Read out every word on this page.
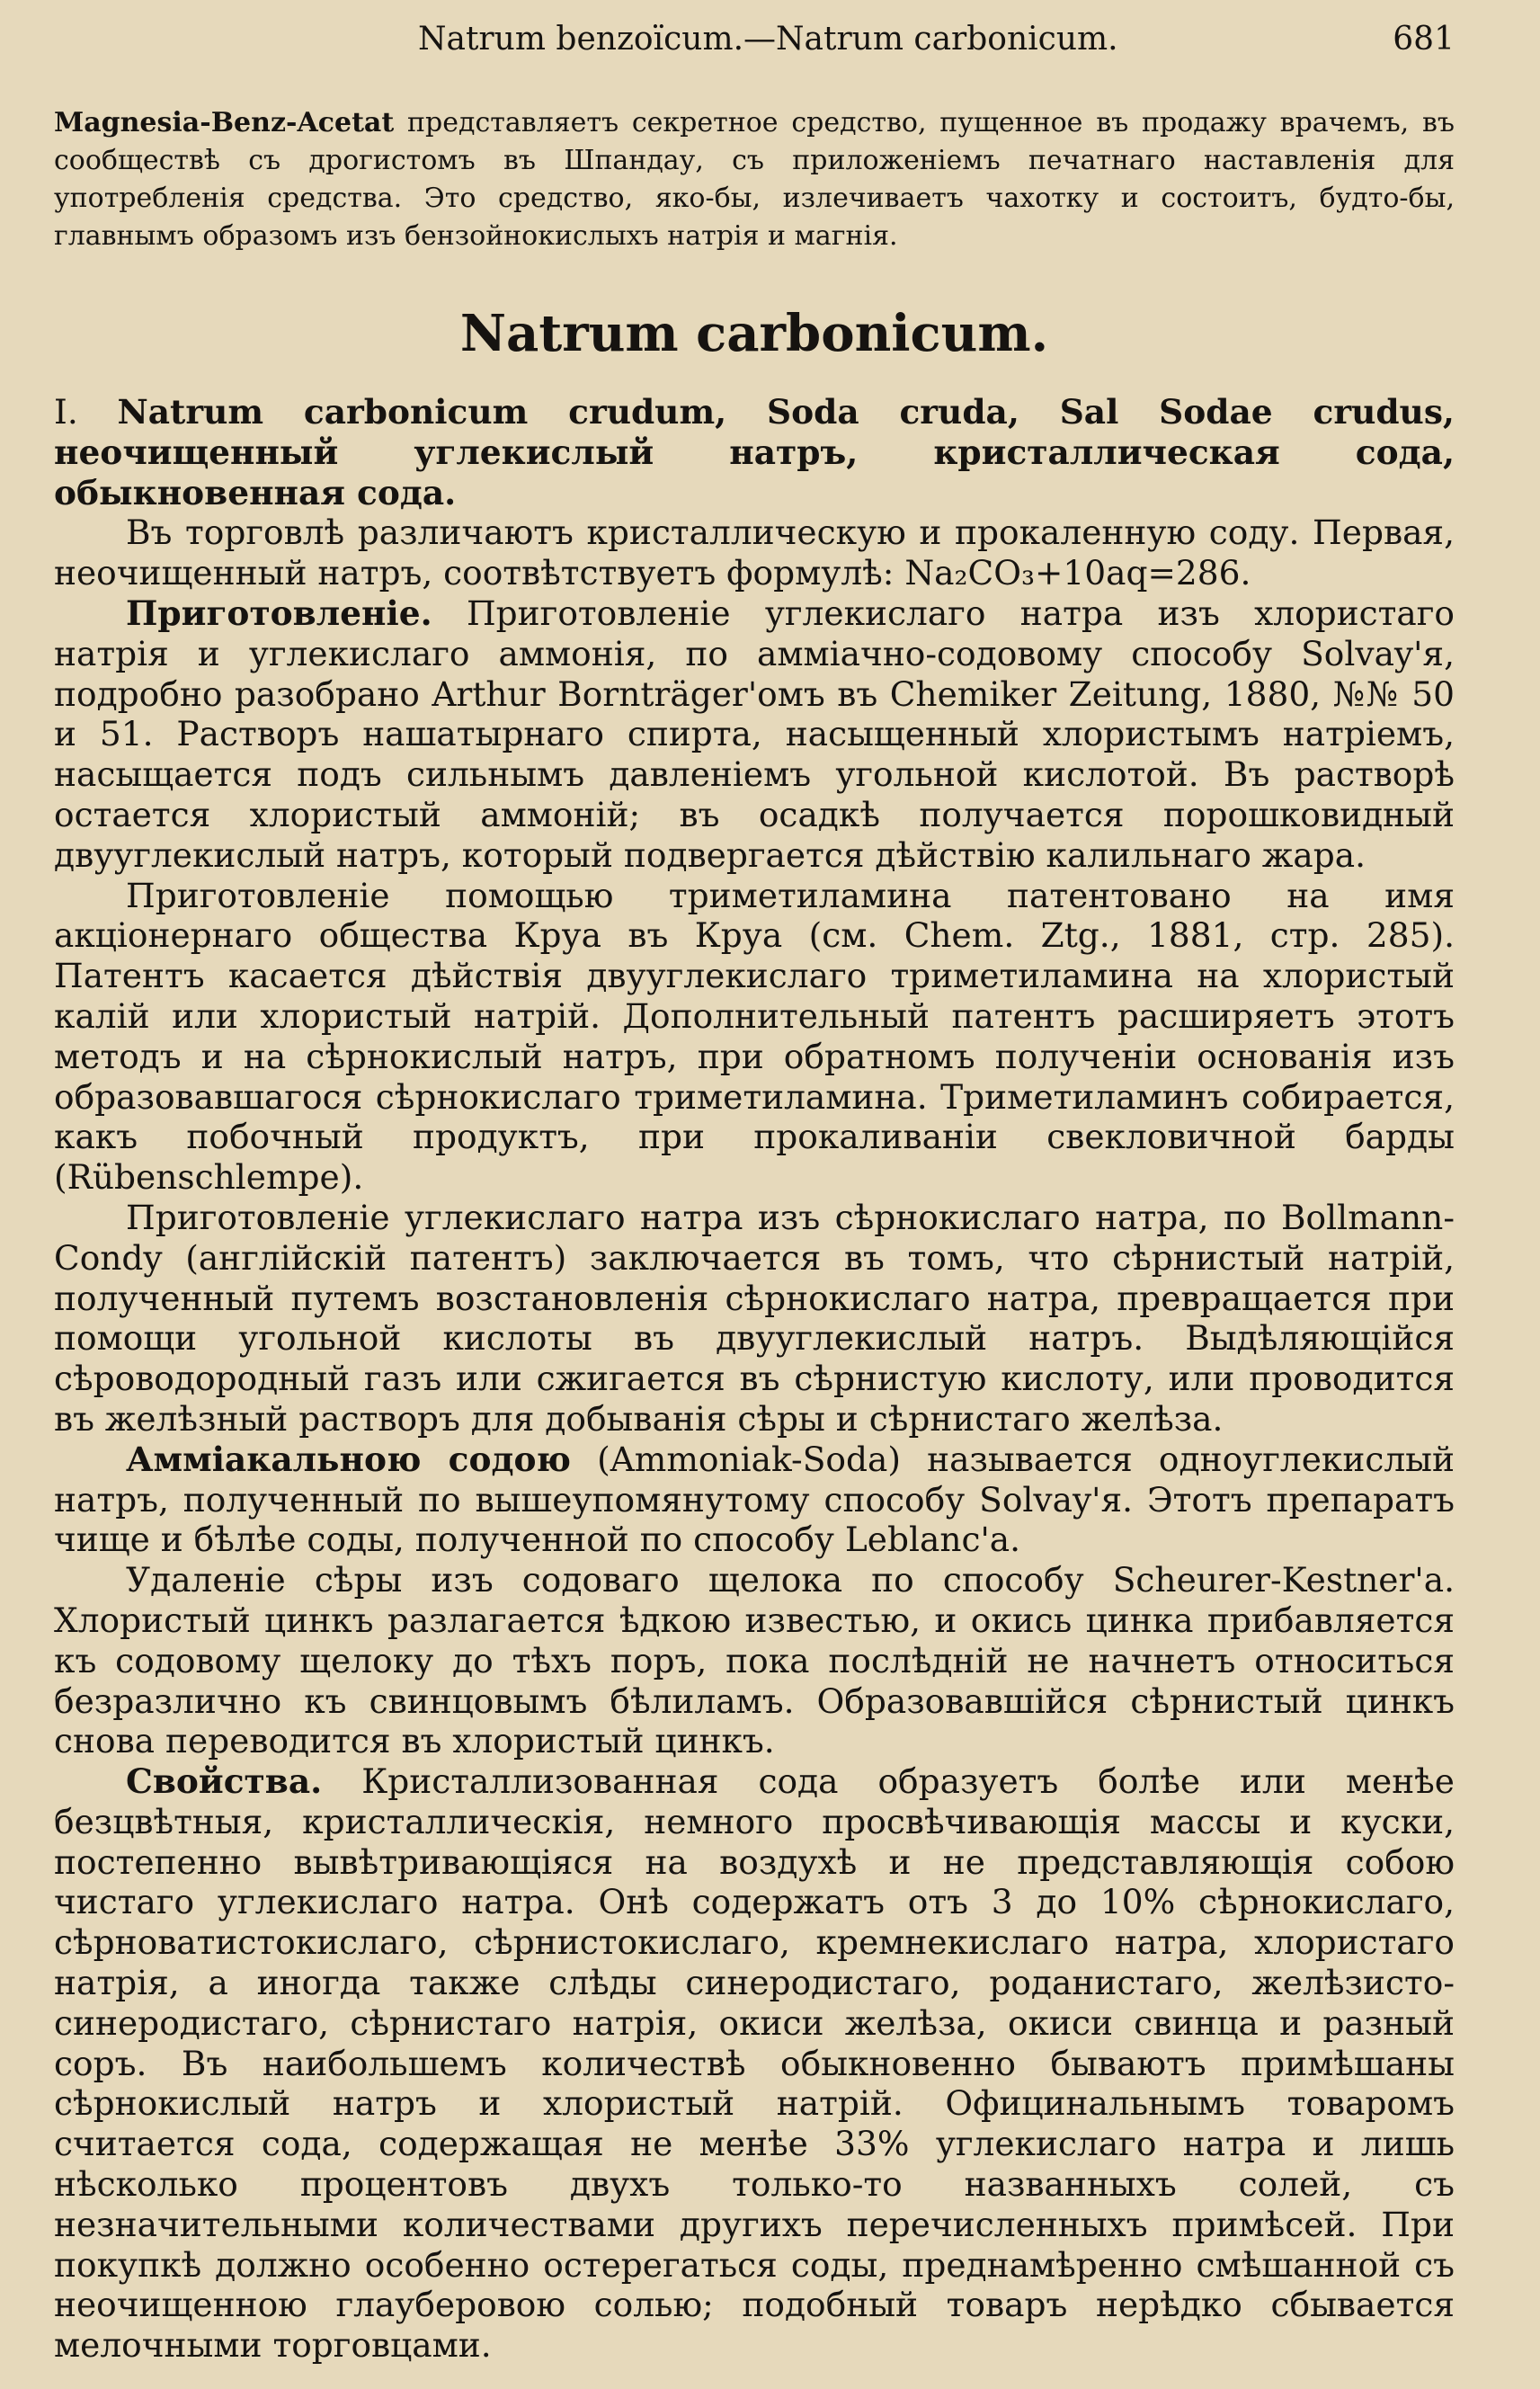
Natrum benzoїcum.—Natrum carbonicum.	681
Magnesia-Benz-Acetat представляетъ секретное средство, пущенное въ продажу врачемъ, въ сообществѣ съ дрогистомъ въ Шпандау, съ приложеніемъ печатнаго наставленія для употребленія средства. Это средство, яко-бы, излечиваетъ чахотку и состоитъ, будто-бы, главнымъ образомъ изъ бензойнокислыхъ натрія и магнія.
Natrum carbonicum.

I. Natrum carbonicum crudum, Soda cruda, Sal Sodae crudus, неочищенный углекислый натръ, кристаллическая сода, обыкновенная сода.

Въ торговлѣ различаютъ кристаллическую и прокаленную соду. Первая, неочищенный натръ, соотвѣтствуетъ формулѣ: Na₂CO₃+10aq=286.

Приготовленіе. Приготовленіе углекислаго натра изъ хлористаго натрія и углекислаго аммонія, по аммiачно-содовому способу Solvay'я, подробно разобрано Arthur Bornträger'омъ въ Chemiker Zeitung, 1880, №№ 50 и 51. Растворъ нашатырнаго спирта, насыщенный хлористымъ натріемъ, насыщается подъ сильнымъ давленіемъ угольной кислотой. Въ растворѣ остается хлористый аммоній; въ осадкѣ получается порошковидный двууглекислый натръ, который подвергается дѣйствію калильнаго жара.

Приготовленіе помощью триметиламина патентовано на имя акціонернаго общества Круа въ Круа (см. Chem. Ztg., 1881, стр. 285). Патентъ касается дѣйствія двууглекислаго триметиламина на хлористый калій или хлористый натрій. Дополнительный патентъ расширяетъ этотъ методъ и на сѣрнокислый натръ, при обратномъ полученіи основанія изъ образовавшагося сѣрнокислаго триметиламина. Триметиламинъ собирается, какъ побочный продуктъ, при прокаливаніи свекловичной барды (Rübenschlempe).

Приготовленіе углекислаго натра изъ сѣрнокислаго натра, по Bollmann-Condy (англійскій патентъ) заключается въ томъ, что сѣрнистый натрій, полученный путемъ возстановленія сѣрнокислаго натра, превращается при помощи угольной кислоты въ двууглекислый натръ. Выдѣляющійся сѣроводородный газъ или сжигается въ сѣрнистую кислоту, или проводится въ желѣзный растворъ для добыванія сѣры и сѣрнистаго желѣза.

Амміакальною содою (Ammoniak-Soda) называется одноуглекислый натръ, полученный по вышеупомянутому способу Solvay'я. Этотъ препаратъ чище и бѣлѣе соды, полученной по способу Leblanc'a.

Удаленіе сѣры изъ содоваго щелока по способу Scheurer-Kestner'a. Хлористый цинкъ разлагается ѣдкою известью, и окись цинка прибавляется къ содовому щелоку до тѣхъ поръ, пока послѣдній не начнетъ относиться безразлично къ свинцовымъ бѣлиламъ. Образовавшійся сѣрнистый цинкъ снова переводится въ хлористый цинкъ.

Свойства. Кристаллизованная сода образуетъ болѣе или менѣе безцвѣтныя, кристаллическія, немного просвѣчивающія массы и куски, постепенно вывѣтривающіяся на воздухѣ и не представляющія собою чистаго углекислаго натра. Онѣ содержатъ отъ 3 до 10% сѣрнокислаго, сѣрноватистокислаго, сѣрнистокислаго, кремнекислаго натра, хлористаго натрія, а иногда также слѣды синеродистаго, роданистаго, желѣзисто-синеродистаго, сѣрнистаго натрія, окиси желѣза, окиси свинца и разный соръ. Въ наибольшемъ количествѣ обыкновенно бываютъ примѣшаны сѣрнокислый натръ и хлористый натрій. Официнальнымъ товаромъ считается сода, содержащая не менѣе 33% углекислаго натра и лишь нѣсколько процентовъ двухъ только-то названныхъ солей, съ незначительными количествами другихъ перечисленныхъ примѣсей. При покупкѣ должно особенно остерегаться соды, преднамѣренно смѣшанной съ неочищенною глауберовою солью; подобный товаръ нерѣдко сбывается мелочными торговцами.
